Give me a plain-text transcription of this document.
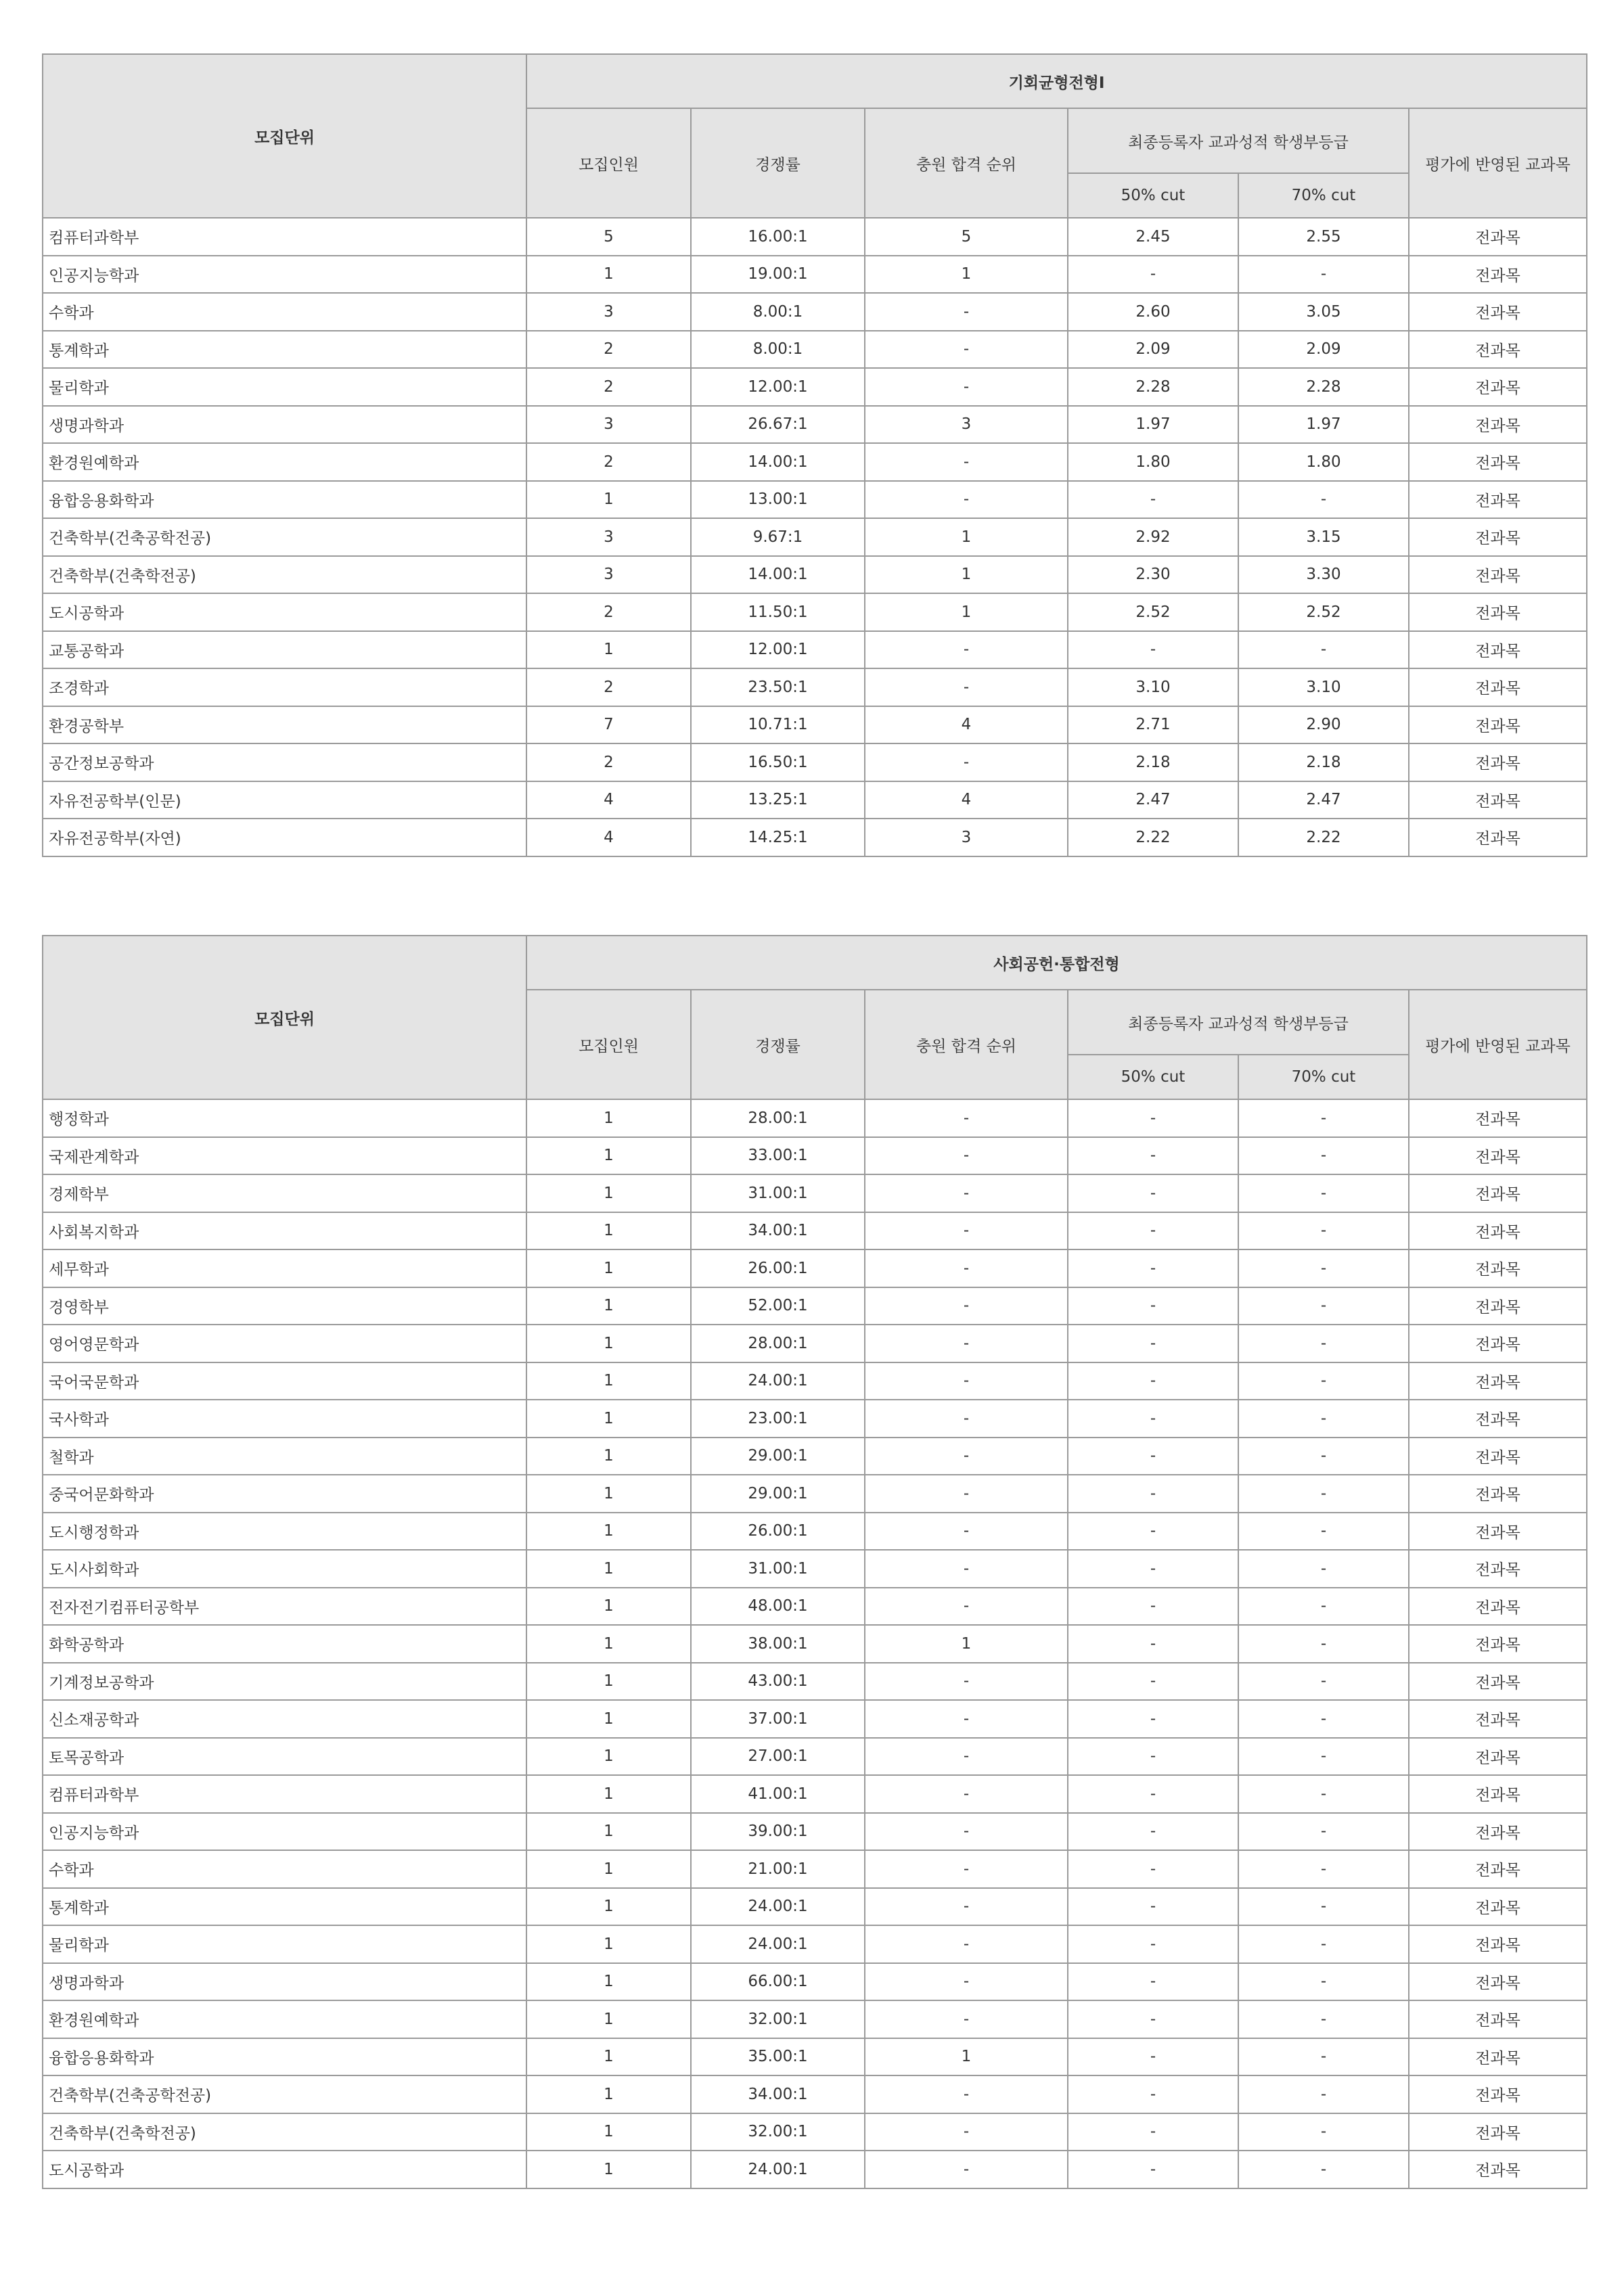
모집단위	기회균형전형Ⅰ					
	모집인원	경쟁률	충원 합격 순위	최종등록자 교과성적 학생부등급		평가에 반영된 교과목
				50% cut	70% cut	
컴퓨터과학부	5	16.00:1	5	2.45	2.55	전과목
인공지능학과	1	19.00:1	1	-	-	전과목
수학과	3	8.00:1	-	2.60	3.05	전과목
통계학과	2	8.00:1	-	2.09	2.09	전과목
물리학과	2	12.00:1	-	2.28	2.28	전과목
생명과학과	3	26.67:1	3	1.97	1.97	전과목
환경원예학과	2	14.00:1	-	1.80	1.80	전과목
융합응용화학과	1	13.00:1	-	-	-	전과목
건축학부(건축공학전공)	3	9.67:1	1	2.92	3.15	전과목
건축학부(건축학전공)	3	14.00:1	1	2.30	3.30	전과목
도시공학과	2	11.50:1	1	2.52	2.52	전과목
교통공학과	1	12.00:1	-	-	-	전과목
조경학과	2	23.50:1	-	3.10	3.10	전과목
환경공학부	7	10.71:1	4	2.71	2.90	전과목
공간정보공학과	2	16.50:1	-	2.18	2.18	전과목
자유전공학부(인문)	4	13.25:1	4	2.47	2.47	전과목
자유전공학부(자연)	4	14.25:1	3	2.22	2.22	전과목
모집단위	사회공헌·통합전형					
	모집인원	경쟁률	충원 합격 순위	최종등록자 교과성적 학생부등급		평가에 반영된 교과목
				50% cut	70% cut	
행정학과	1	28.00:1	-	-	-	전과목
국제관계학과	1	33.00:1	-	-	-	전과목
경제학부	1	31.00:1	-	-	-	전과목
사회복지학과	1	34.00:1	-	-	-	전과목
세무학과	1	26.00:1	-	-	-	전과목
경영학부	1	52.00:1	-	-	-	전과목
영어영문학과	1	28.00:1	-	-	-	전과목
국어국문학과	1	24.00:1	-	-	-	전과목
국사학과	1	23.00:1	-	-	-	전과목
철학과	1	29.00:1	-	-	-	전과목
중국어문화학과	1	29.00:1	-	-	-	전과목
도시행정학과	1	26.00:1	-	-	-	전과목
도시사회학과	1	31.00:1	-	-	-	전과목
전자전기컴퓨터공학부	1	48.00:1	-	-	-	전과목
화학공학과	1	38.00:1	1	-	-	전과목
기계정보공학과	1	43.00:1	-	-	-	전과목
신소재공학과	1	37.00:1	-	-	-	전과목
토목공학과	1	27.00:1	-	-	-	전과목
컴퓨터과학부	1	41.00:1	-	-	-	전과목
인공지능학과	1	39.00:1	-	-	-	전과목
수학과	1	21.00:1	-	-	-	전과목
통계학과	1	24.00:1	-	-	-	전과목
물리학과	1	24.00:1	-	-	-	전과목
생명과학과	1	66.00:1	-	-	-	전과목
환경원예학과	1	32.00:1	-	-	-	전과목
융합응용화학과	1	35.00:1	1	-	-	전과목
건축학부(건축공학전공)	1	34.00:1	-	-	-	전과목
건축학부(건축학전공)	1	32.00:1	-	-	-	전과목
도시공학과	1	24.00:1	-	-	-	전과목
